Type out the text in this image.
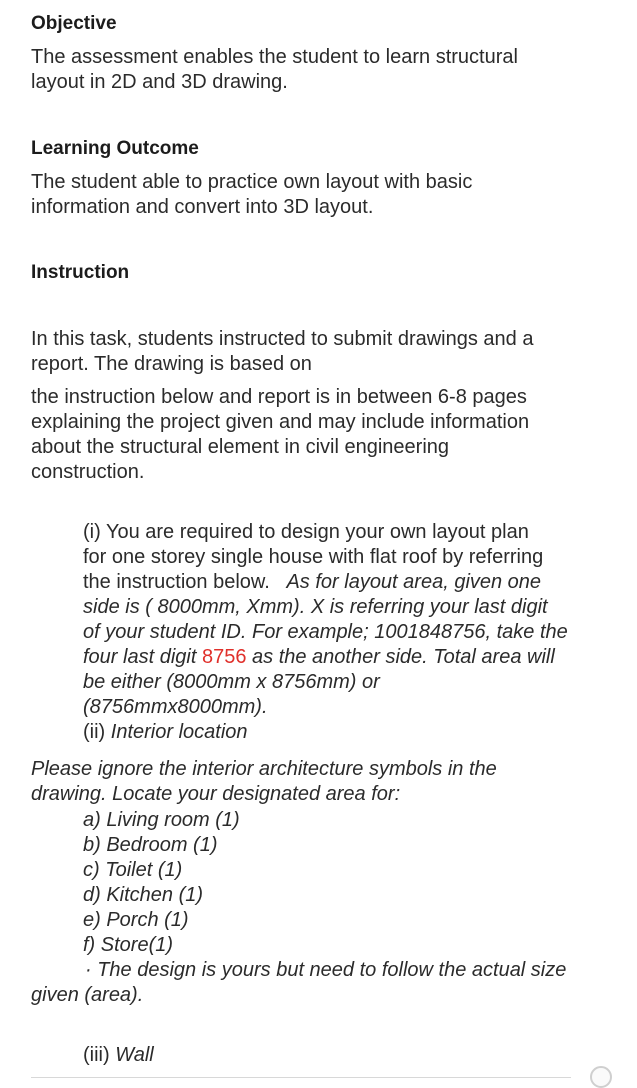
Objective

The assessment enables the student to learn structural
layout in 2D and 3D drawing.

Learning Outcome

The student able to practice own layout with basic
information and convert into 3D layout.

Instruction

In this task, students instructed to submit drawings and a
report. The drawing is based on

the instruction below and report is in between 6-8 pages
explaining the project given and may include information
about the structural element in civil engineering
construction.

(i) You are required to design your own layout plan
for one storey single house with flat roof by referring
the instruction below.   As for layout area, given one
side is ( 8000mm, Xmm). X is referring your last digit
of your student ID. For example; 1001848756, take the
four last digit 8756 as the another side. Total area will
be either (8000mm x 8756mm) or
(8756mmx8000mm).
(ii) Interior location

Please ignore the interior architecture symbols in the
drawing. Locate your designated area for:

a) Living room (1)
b) Bedroom (1)
c) Toilet (1)
d) Kitchen (1)
e) Porch (1)
f) Store(1)

· The design is yours but need to follow the actual size

given (area).

(iii) Wall
